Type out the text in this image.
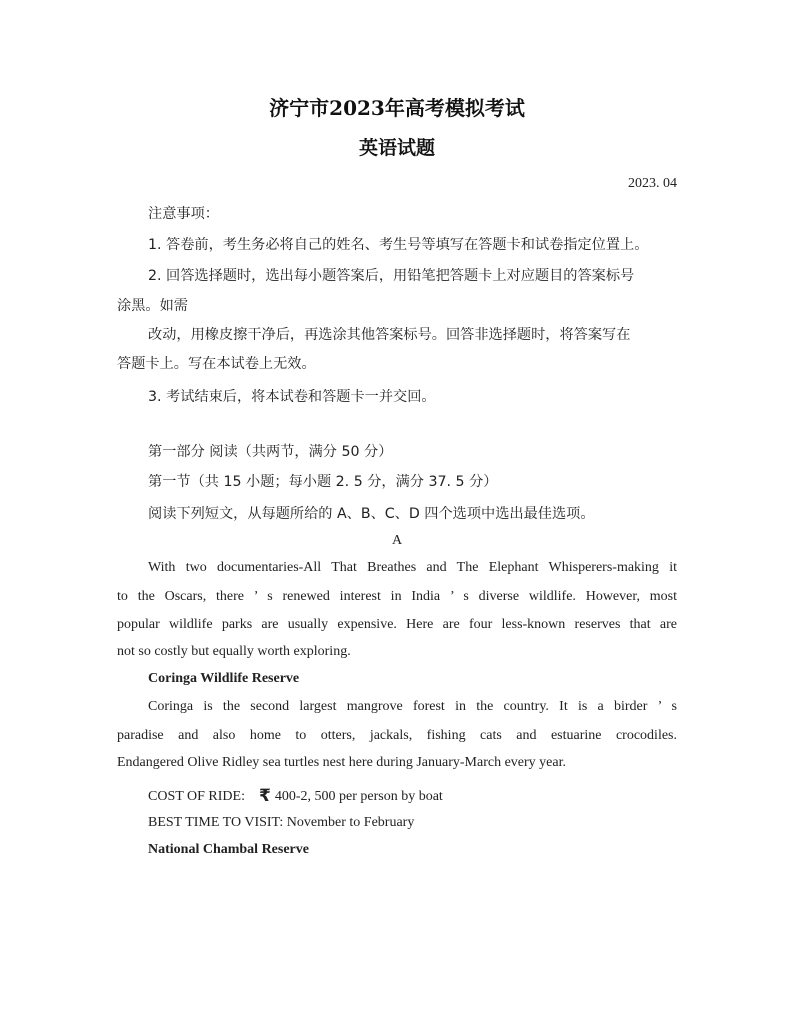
济宁市2023年高考模拟考试
英语试题
2023. 04
注意事项：
1. 答卷前，考生务必将自己的姓名、考生号等填写在答题卡和试卷指定位置上。
2. 回答选择题时，选出每小题答案后，用铅笔把答题卡上对应题目的答案标号
涂黑。如需
改动，用橡皮擦干净后，再选涂其他答案标号。回答非选择题时，将答案写在
答题卡上。写在本试卷上无效。
3. 考试结束后，将本试卷和答题卡一并交回。
第一部分 阅读（共两节，满分 50 分）
第一节（共 15 小题；每小题 2. 5 分，满分 37. 5 分）
阅读下列短文，从每题所给的 A、B、C、D 四个选项中选出最佳选项。
A
With two documentaries-All That Breathes and The Elephant Whisperers-making it
to the Oscars, there ’ s renewed interest in India ’ s diverse wildlife. However, most
popular wildlife parks are usually expensive. Here are four less-known reserves that are
not so costly but equally worth exploring.
Coringa Wildlife Reserve
Coringa is the second largest mangrove forest in the country. It is a birder ’ s
paradise and also home to otters, jackals, fishing cats and estuarine crocodiles.
Endangered Olive Ridley sea turtles nest here during January-March every year.
COST OF RIDE: ₹ 400-2, 500 per person by boat
BEST TIME TO VISIT: November to February
National Chambal Reserve
